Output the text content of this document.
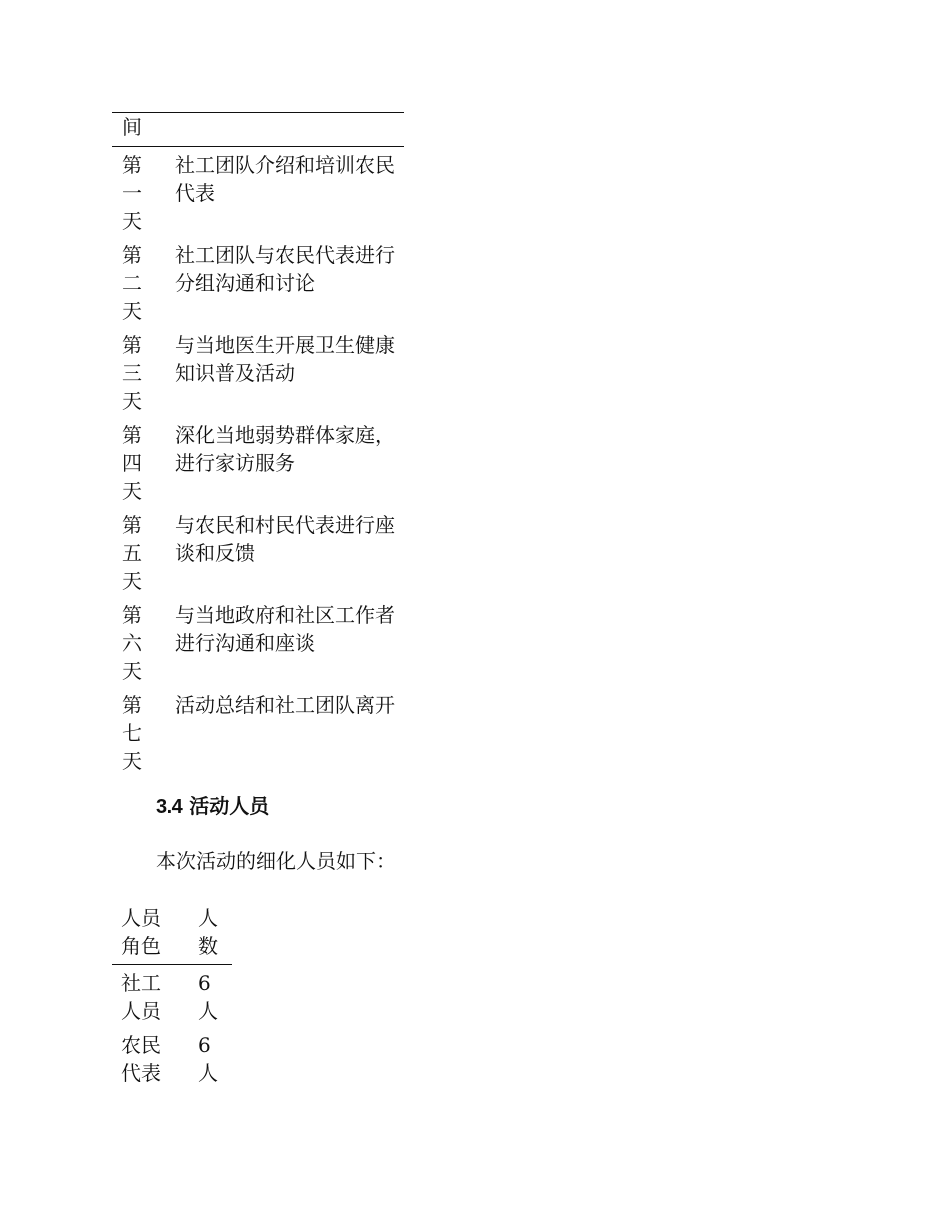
间
第一天
社工团队介绍和培训农民代表
第二天
社工团队与农民代表进行分组沟通和讨论
第三天
与当地医生开展卫生健康知识普及活动
第四天
深化当地弱势群体家庭，进行家访服务
第五天
与农民和村民代表进行座谈和反馈
第六天
与当地政府和社区工作者进行沟通和座谈
第七天
活动总结和社工团队离开
3.4 活动人员
本次活动的细化人员如下：
人员角色
人数
社工人员
6人
农民代表
6人
